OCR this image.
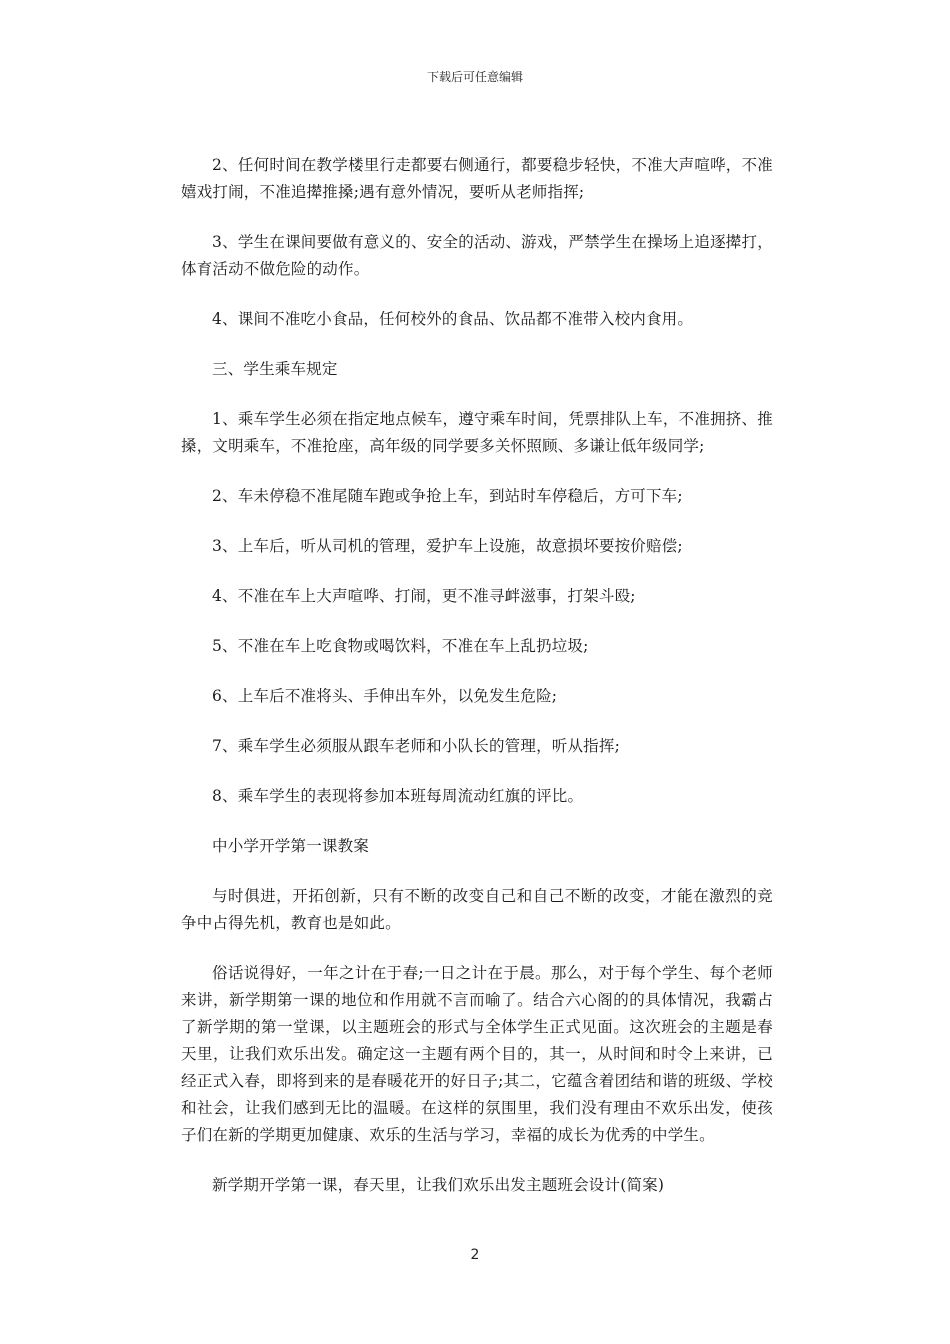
下载后可任意编辑

2、任何时间在教学楼里行走都要右侧通行，都要稳步轻快，不准大声喧哗，不准嬉戏打闹，不准追撵推搡;遇有意外情况，要听从老师指挥;

3、学生在课间要做有意义的、安全的活动、游戏，严禁学生在操场上追逐撵打，体育活动不做危险的动作。

4、课间不准吃小食品，任何校外的食品、饮品都不准带入校内食用。

三、学生乘车规定

1、乘车学生必须在指定地点候车，遵守乘车时间，凭票排队上车，不准拥挤、推搡，文明乘车，不准抢座，高年级的同学要多关怀照顾、多谦让低年级同学;

2、车未停稳不准尾随车跑或争抢上车，到站时车停稳后，方可下车;

3、上车后，听从司机的管理，爱护车上设施，故意损坏要按价赔偿;

4、不准在车上大声喧哗、打闹，更不准寻衅滋事，打架斗殴;

5、不准在车上吃食物或喝饮料，不准在车上乱扔垃圾;

6、上车后不准将头、手伸出车外，以免发生危险;

7、乘车学生必须服从跟车老师和小队长的管理，听从指挥;

8、乘车学生的表现将参加本班每周流动红旗的评比。

中小学开学第一课教案

与时俱进，开拓创新，只有不断的改变自己和自己不断的改变，才能在激烈的竞争中占得先机，教育也是如此。

俗话说得好，一年之计在于春;一日之计在于晨。那么，对于每个学生、每个老师来讲，新学期第一课的地位和作用就不言而喻了。结合六心阁的的具体情况，我霸占了新学期的第一堂课，以主题班会的形式与全体学生正式见面。这次班会的主题是春天里，让我们欢乐出发。确定这一主题有两个目的，其一，从时间和时令上来讲，已经正式入春，即将到来的是春暖花开的好日子;其二，它蕴含着团结和谐的班级、学校和社会，让我们感到无比的温暖。在这样的氛围里，我们没有理由不欢乐出发，使孩子们在新的学期更加健康、欢乐的生活与学习，幸福的成长为优秀的中学生。

新学期开学第一课，春天里，让我们欢乐出发主题班会设计(简案)

2
